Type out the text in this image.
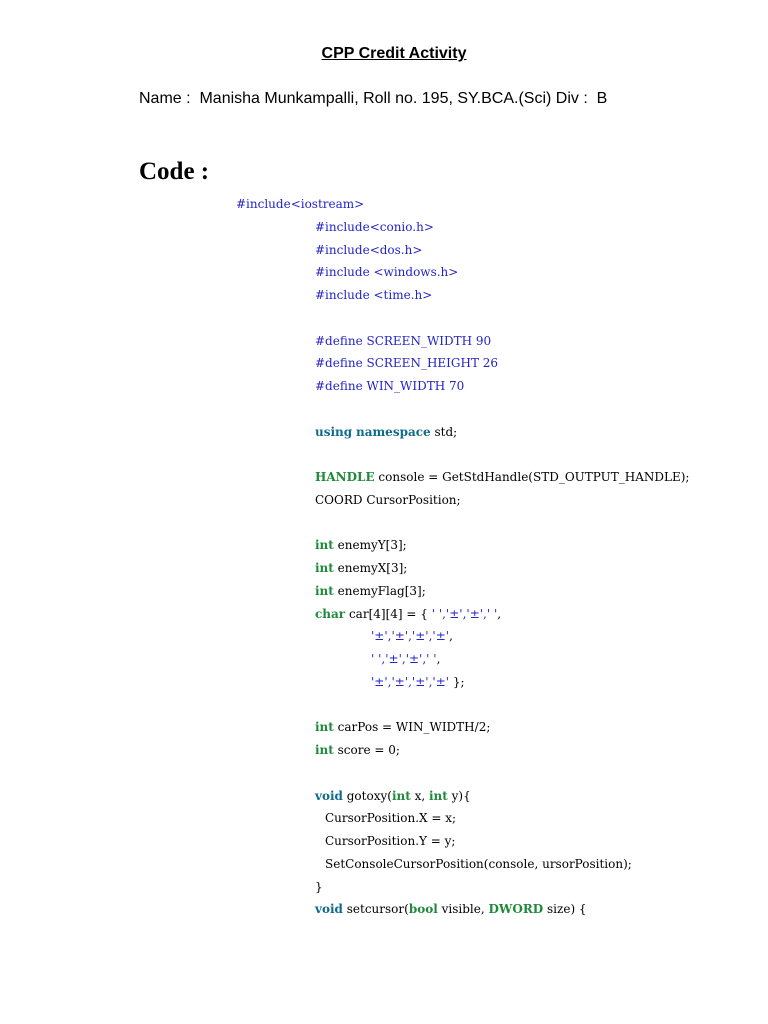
CPP Credit Activity

Name :  Manisha Munkampalli, Roll no. 195, SY.BCA.(Sci) Div :  B

Code :

#include<iostream>
#include<conio.h>
#include<dos.h>
#include <windows.h>
#include <time.h>
#define SCREEN_WIDTH 90
#define SCREEN_HEIGHT 26
#define WIN_WIDTH 70
using namespace std;
HANDLE console = GetStdHandle(STD_OUTPUT_HANDLE);
COORD CursorPosition;
int enemyY[3];
int enemyX[3];
int enemyFlag[3];
char car[4][4] = { ' ','±','±',' ',
'±','±','±','±',
' ','±','±',' ',
'±','±','±','±' };
int carPos = WIN_WIDTH/2;
int score = 0;
void gotoxy(int x, int y){
CursorPosition.X = x;
CursorPosition.Y = y;
SetConsoleCursorPosition(console, ursorPosition);
}
void setcursor(bool visible, DWORD size) {
